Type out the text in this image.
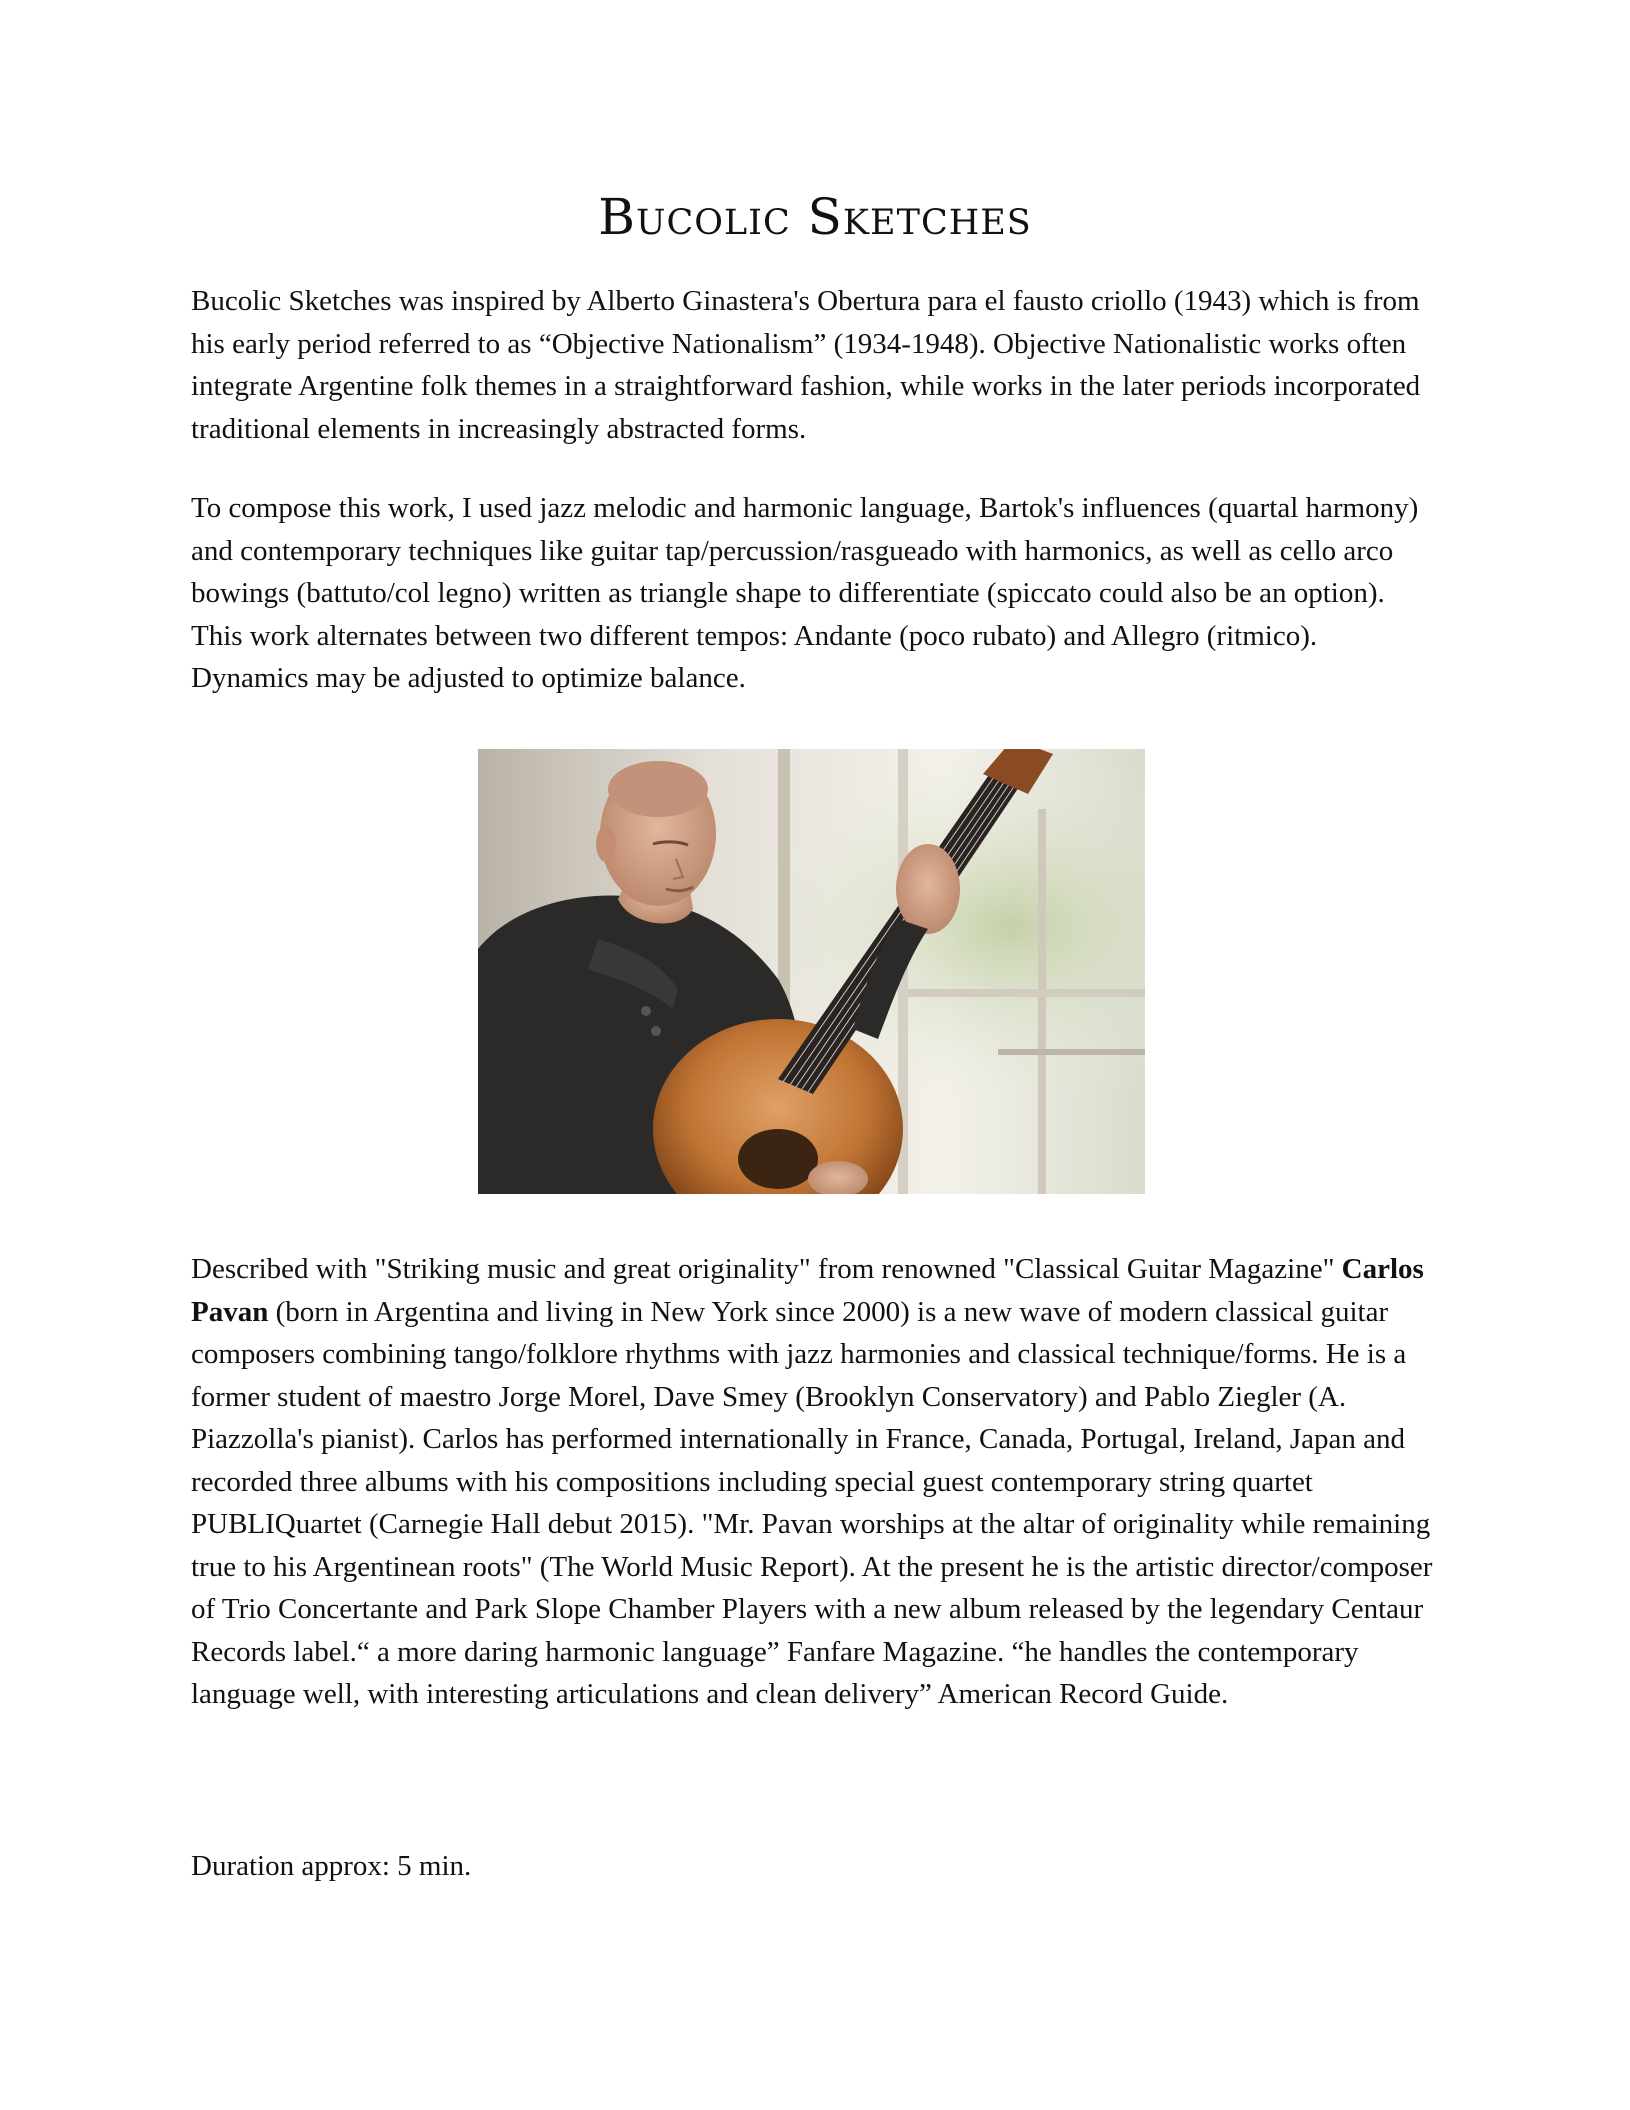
Bucolic Sketches

Bucolic Sketches was inspired by Alberto Ginastera's Obertura para el fausto criollo (1943) which is from his early period referred to as “Objective Nationalism” (1934-1948). Objective Nationalistic works often integrate Argentine folk themes in a straightforward fashion, while works in the later periods incorporated traditional elements in increasingly abstracted forms.

To compose this work, I used jazz melodic and harmonic language, Bartok's influences (quartal harmony) and contemporary techniques like guitar tap/percussion/rasgueado with harmonics, as well as cello arco bowings (battuto/col legno) written as triangle shape to differentiate (spiccato could also be an option). This work alternates between two different tempos: Andante (poco rubato) and Allegro (ritmico). Dynamics may be adjusted to optimize balance.

Described with "Striking music and great originality" from renowned "Classical Guitar Magazine" Carlos Pavan (born in Argentina and living in New York since 2000) is a new wave of modern classical guitar composers combining tango/folklore rhythms with jazz harmonies and classical technique/forms. He is a former student of maestro Jorge Morel, Dave Smey (Brooklyn Conservatory) and Pablo Ziegler (A. Piazzolla's pianist). Carlos has performed internationally in France, Canada, Portugal, Ireland, Japan and recorded three albums with his compositions including special guest contemporary string quartet PUBLIQuartet (Carnegie Hall debut 2015). "Mr. Pavan worships at the altar of originality while remaining true to his Argentinean roots" (The World Music Report). At the present he is the artistic director/composer of Trio Concertante and Park Slope Chamber Players with a new album released by the legendary Centaur Records label.“ a more daring harmonic language” Fanfare Magazine. “he handles the contemporary language well, with interesting articulations and clean delivery” American Record Guide.

Duration approx: 5 min.
